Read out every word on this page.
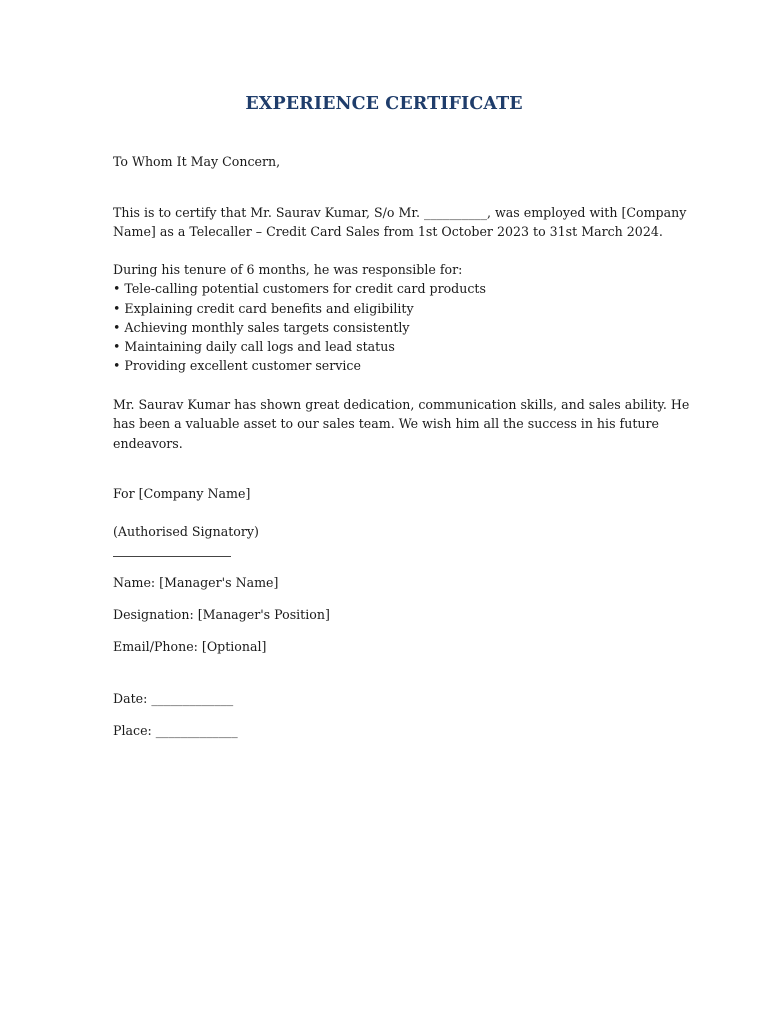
EXPERIENCE CERTIFICATE
To Whom It May Concern,
This is to certify that Mr. Saurav Kumar, S/o Mr. __________, was employed with [Company
Name] as a Telecaller – Credit Card Sales from 1st October 2023 to 31st March 2024.
During his tenure of 6 months, he was responsible for:
• Tele-calling potential customers for credit card products
• Explaining credit card benefits and eligibility
• Achieving monthly sales targets consistently
• Maintaining daily call logs and lead status
• Providing excellent customer service
Mr. Saurav Kumar has shown great dedication, communication skills, and sales ability. He
has been a valuable asset to our sales team. We wish him all the success in his future
endeavors.
For [Company Name]
(Authorised Signatory)
Name: [Manager's Name]
Designation: [Manager's Position]
Email/Phone: [Optional]
Date: _____________
Place: _____________
